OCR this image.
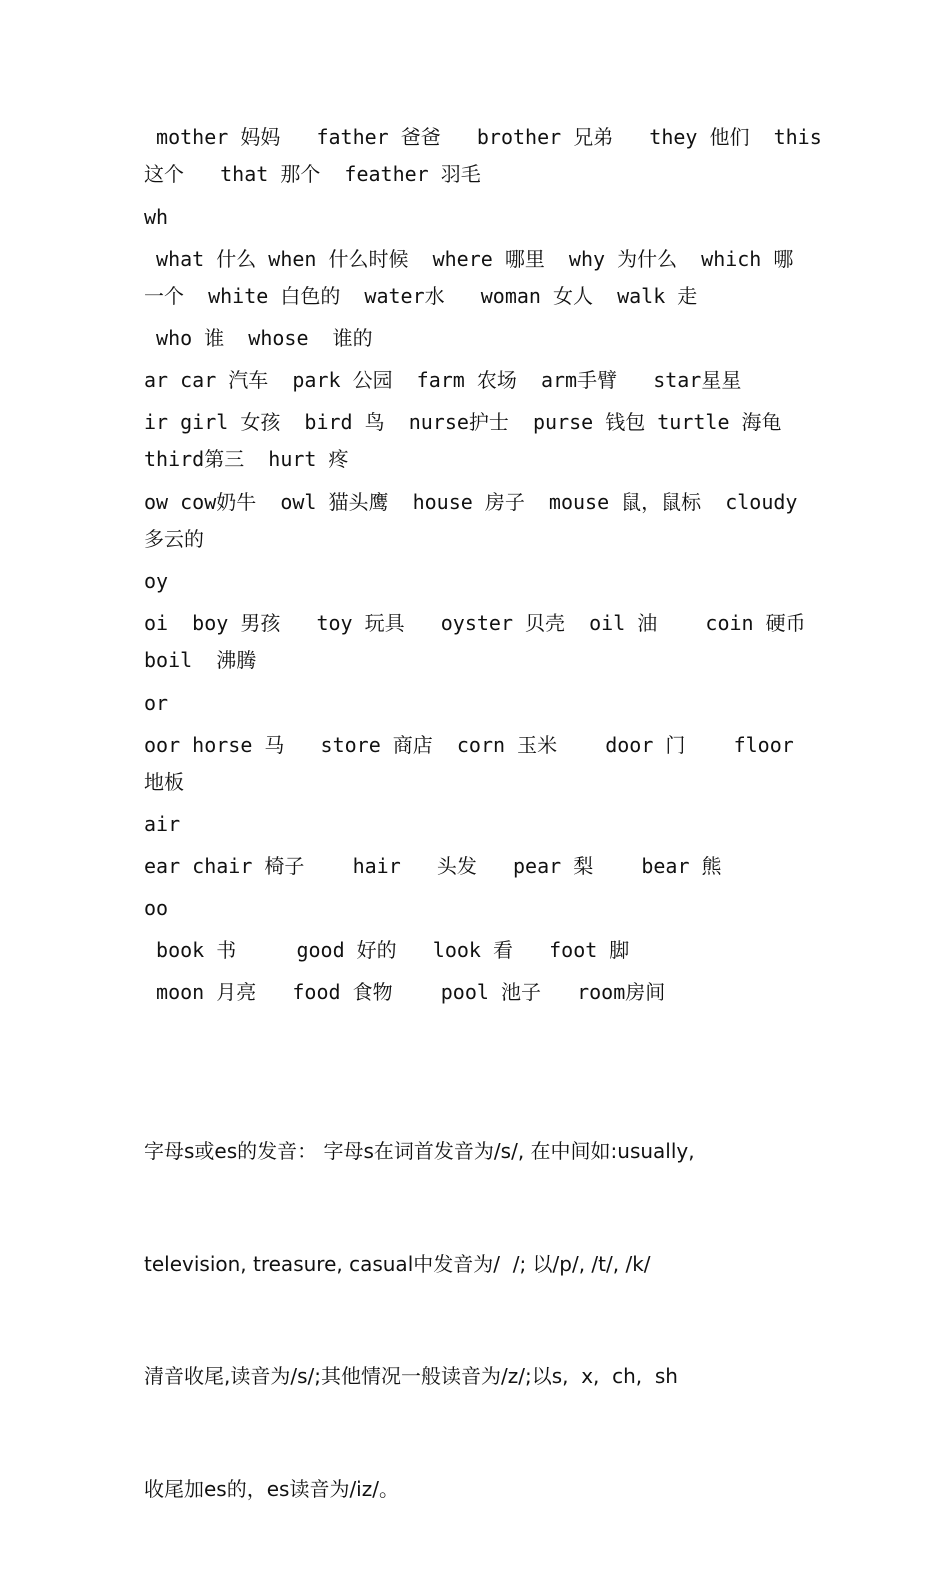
mother 妈妈   father 爸爸   brother 兄弟   they 他们  this
这个   that 那个  feather 羽毛
wh
what 什么 when 什么时候  where 哪里  why 为什么  which 哪
一个  white 白色的  water水   woman 女人  walk 走
who 谁  whose  谁的
ar car 汽车  park 公园  farm 农场  arm手臂   star星星
ir girl 女孩  bird 鸟  nurse护士  purse 钱包 turtle 海龟
third第三  hurt 疼
ow cow奶牛  owl 猫头鹰  house 房子  mouse 鼠，鼠标  cloudy
多云的
oy
oi  boy 男孩   toy 玩具   oyster 贝壳  oil 油    coin 硬币
boil  沸腾
or
oor horse 马   store 商店  corn 玉米    door 门    floor
地板
air
ear chair 椅子    hair   头发   pear 梨    bear 熊
oo
book 书     good 好的   look 看   foot 脚
moon 月亮   food 食物    pool 池子   room房间

字母s或es的发音： 字母s在词首发音为/s/, 在中间如:usually,

television, treasure, casual中发音为/  /; 以/p/, /t/, /k/

清音收尾,读音为/s/;其他情况一般读音为/z/;以s,  x,  ch,  sh

收尾加es的，es读音为/iz/。
